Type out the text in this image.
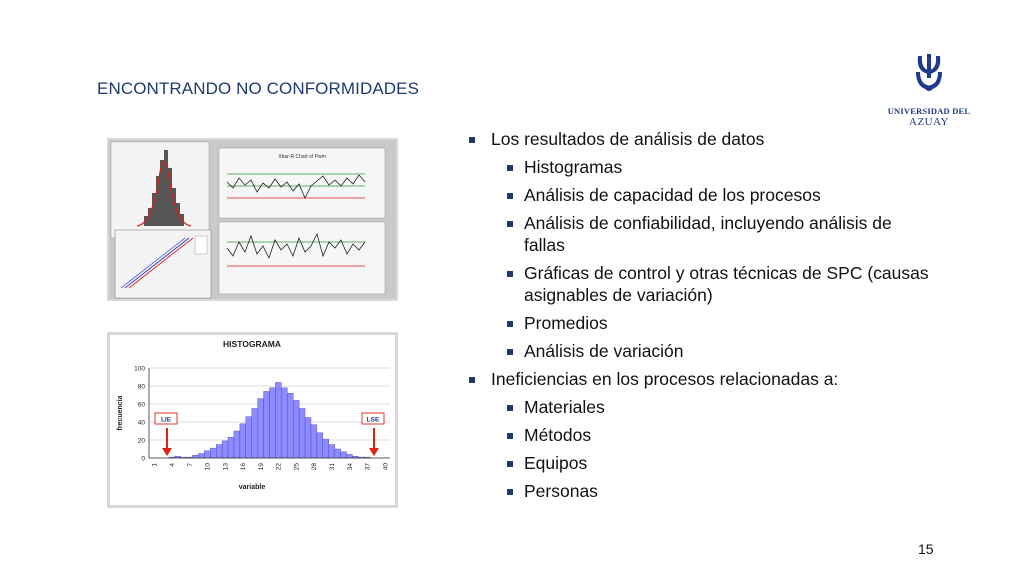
ENCONTRANDO NO CONFORMIDADES
UNIVERSIDAD DEL
AZUAY
Xbar-R Chart of Pwm
HISTOGRAMA
0
20
40
60
80
100
1 4 7 10 13 16 19 22 25 28 31 34 37 40
variable
frecuencia	LIE	LSE
Los resultados de análisis de datos
Histogramas
Análisis de capacidad de los procesos
Análisis de confiabilidad, incluyendo análisis de fallas
Gráficas de control y otras técnicas de SPC (causas asignables de variación)
Promedios
Análisis de variación
Ineficiencias en los procesos relacionadas a:
Materiales
Métodos
Equipos
Personas
15
